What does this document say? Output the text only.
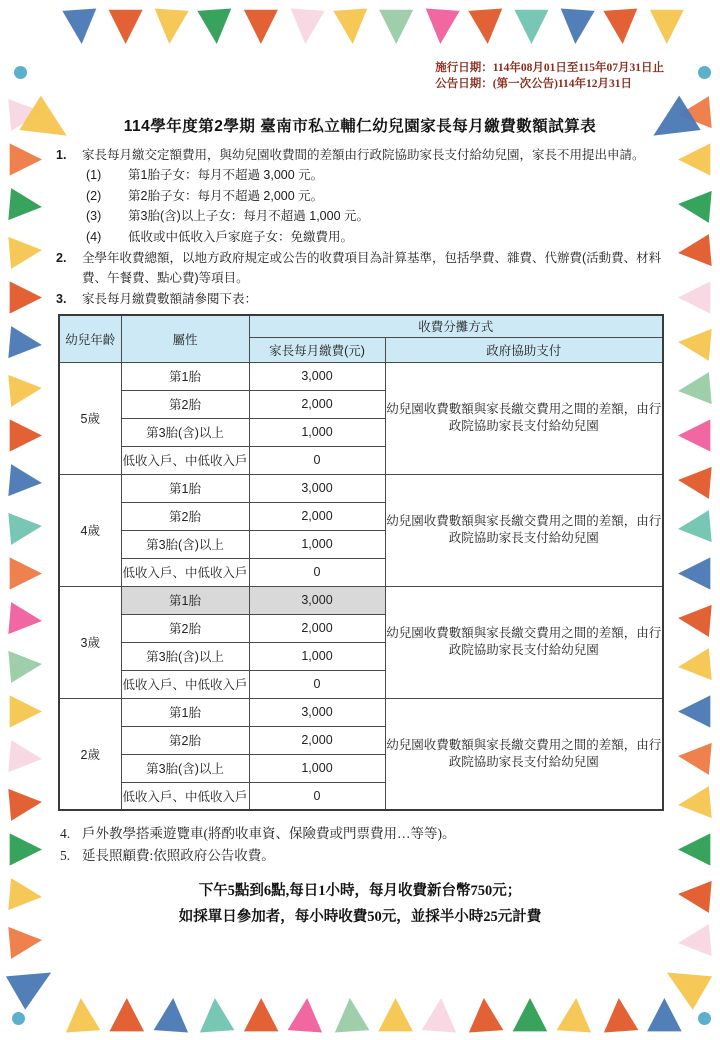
施行日期：114年08月01日至115年07月31日止
公告日期：(第一次公告)114年12月31日
114學年度第2學期 臺南市私立輔仁幼兒園家長每月繳費數額試算表
1.	家長每月繳交定額費用，與幼兒園收費間的差額由行政院協助家長支付給幼兒園，家長不用提出申請。
(1)	第1胎子女：每月不超過 3,000 元。
(2)	第2胎子女：每月不超過 2,000 元。
(3)	第3胎(含)以上子女：每月不超過 1,000 元。
(4)	低收或中低收入戶家庭子女：免繳費用。
2.	全學年收費總額，以地方政府規定或公告的收費項目為計算基準，包括學費、雜費、代辦費(活動費、材料費、午餐費、點心費)等項目。
3.	家長每月繳費數額請參閱下表：
幼兒年齡	屬性	收費分攤方式	
		家長每月繳費(元)	政府協助支付
5歲	第1胎	3,000	幼兒園收費數額與家長繳交費用之間的差額，由行政院協助家長支付給幼兒園
	第2胎	2,000	
	第3胎(含)以上	1,000	
	低收入戶、中低收入戶	0	
4歲	第1胎	3,000	幼兒園收費數額與家長繳交費用之間的差額，由行政院協助家長支付給幼兒園
	第2胎	2,000	
	第3胎(含)以上	1,000	
	低收入戶、中低收入戶	0	
3歲	第1胎	3,000	幼兒園收費數額與家長繳交費用之間的差額，由行政院協助家長支付給幼兒園
	第2胎	2,000	
	第3胎(含)以上	1,000	
	低收入戶、中低收入戶	0	
2歲	第1胎	3,000	幼兒園收費數額與家長繳交費用之間的差額，由行政院協助家長支付給幼兒園
	第2胎	2,000	
	第3胎(含)以上	1,000	
	低收入戶、中低收入戶	0	
4. 戶外教學搭乘遊覽車(將酌收車資、保險費或門票費用…等等)。
5. 延長照顧費:依照政府公告收費。
下午5點到6點,每日1小時，每月收費新台幣750元；
如採單日參加者，每小時收費50元，並採半小時25元計費
